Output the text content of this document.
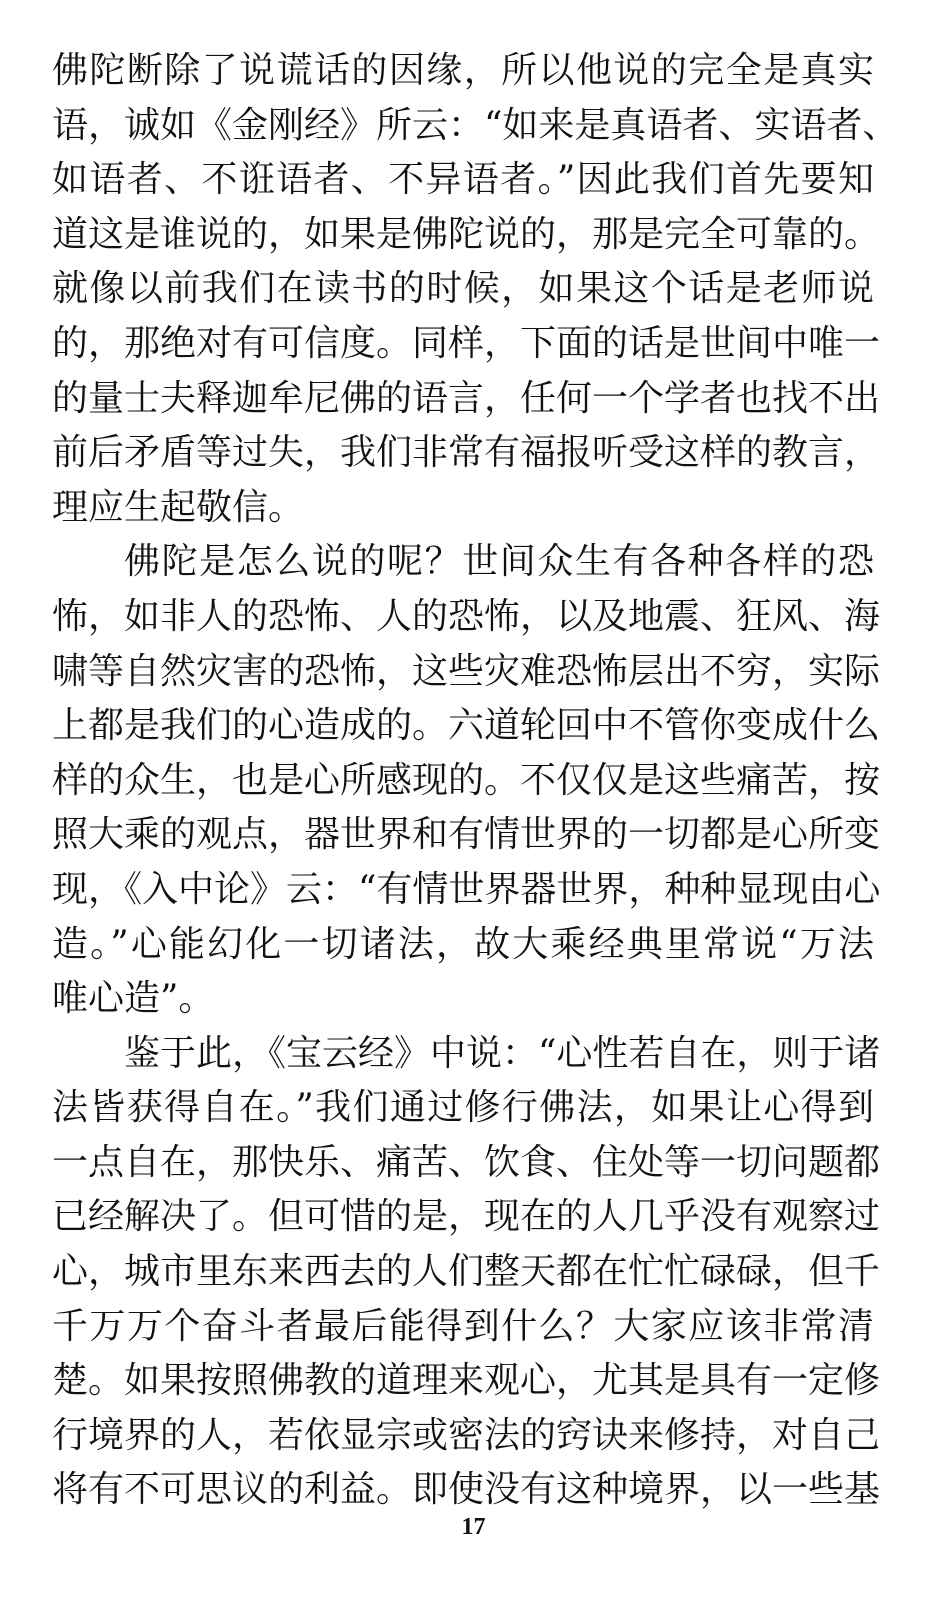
佛陀断除了说谎话的因缘，所以他说的完全是真实
语，诚如《金刚经》所云：“如来是真语者、实语者、
如语者、不诳语者、不异语者。”因此我们首先要知
道这是谁说的，如果是佛陀说的，那是完全可靠的。
就像以前我们在读书的时候，如果这个话是老师说
的，那绝对有可信度。同样，下面的话是世间中唯一
的量士夫释迦牟尼佛的语言，任何一个学者也找不出
前后矛盾等过失，我们非常有福报听受这样的教言，
理应生起敬信。
佛陀是怎么说的呢？世间众生有各种各样的恐
怖，如非人的恐怖、人的恐怖，以及地震、狂风、海
啸等自然灾害的恐怖，这些灾难恐怖层出不穷，实际
上都是我们的心造成的。六道轮回中不管你变成什么
样的众生，也是心所感现的。不仅仅是这些痛苦，按
照大乘的观点，器世界和有情世界的一切都是心所变
现，《入中论》云：“有情世界器世界，种种显现由心
造。”心能幻化一切诸法，故大乘经典里常说“万法
唯心造”。
鉴于此，《宝云经》中说：“心性若自在，则于诸
法皆获得自在。”我们通过修行佛法，如果让心得到
一点自在，那快乐、痛苦、饮食、住处等一切问题都
已经解决了。但可惜的是，现在的人几乎没有观察过
心，城市里东来西去的人们整天都在忙忙碌碌，但千
千万万个奋斗者最后能得到什么？大家应该非常清
楚。如果按照佛教的道理来观心，尤其是具有一定修
行境界的人，若依显宗或密法的窍诀来修持，对自己
将有不可思议的利益。即使没有这种境界，以一些基
17
